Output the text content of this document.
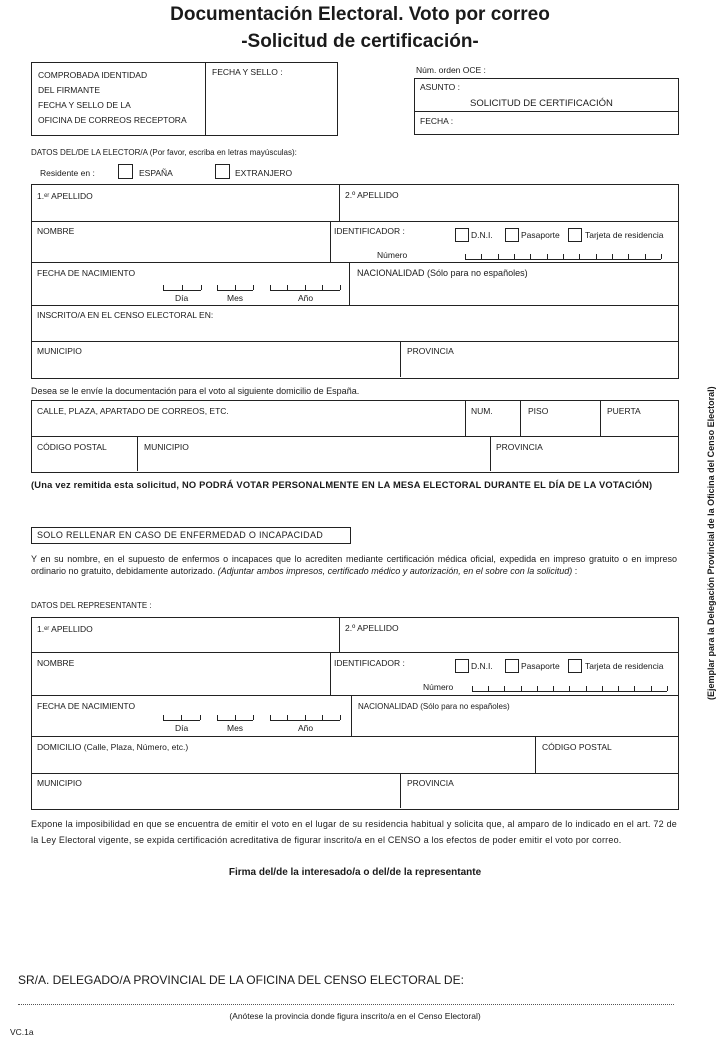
Documentación Electoral. Voto por correo
-Solicitud de certificación-
COMPROBADA IDENTIDAD
DEL FIRMANTE
FECHA Y SELLO DE LA
OFICINA DE CORREOS RECEPTORA
FECHA Y SELLO :	Núm. orden OCE :
ASUNTO :
SOLICITUD DE CERTIFICACIÓN
FECHA :
DATOS DEL/DE LA ELECTOR/A (Por favor, escriba en letras mayúsculas):
Residente en :	ESPAÑA	EXTRANJERO
1.ᵉʳ APELLIDO	2.º APELLIDO
NOMBRE	IDENTIFICADOR :	D.N.I.	Pasaporte	Tarjeta de residencia
Número
FECHA DE NACIMIENTO
Día	Mes	Año
NACIONALIDAD (Sólo para no españoles)
INSCRITO/A EN EL CENSO ELECTORAL EN:
MUNICIPIO	PROVINCIA
Desea se le envíe la documentación para el voto al siguiente domicilio de España.
CALLE, PLAZA, APARTADO DE CORREOS, ETC.	NUM.	PISO	PUERTA
CÓDIGO POSTAL	MUNICIPIO	PROVINCIA
(Una vez remitida esta solicitud, NO PODRÁ VOTAR PERSONALMENTE EN LA MESA ELECTORAL DURANTE EL DÍA DE LA VOTACIÓN)
SOLO RELLENAR EN CASO DE ENFERMEDAD O INCAPACIDAD
Y en su nombre, en el supuesto de enfermos o incapaces que lo acrediten mediante certificación médica oficial, expedida en impreso gratuito o en impreso ordinario no gratuito, debidamente autorizado. (Adjuntar ambos impresos, certificado médico y autorización, en el sobre con la solicitud) :
DATOS DEL REPRESENTANTE :
1.ᵉʳ APELLIDO	2.º APELLIDO
NOMBRE	IDENTIFICADOR :	D.N.I.	Pasaporte	Tarjeta de residencia
Número
FECHA DE NACIMIENTO
Día	Mes	Año
NACIONALIDAD (Sólo para no españoles)
DOMICILIO (Calle, Plaza, Número, etc.)	CÓDIGO POSTAL
MUNICIPIO	PROVINCIA
Expone la imposibilidad en que se encuentra de emitir el voto en el lugar de su residencia habitual y solicita que, al amparo de lo indicado en el art. 72 de la Ley Electoral vigente, se expida certificación acreditativa de figurar inscrito/a en el CENSO a los efectos de poder emitir el voto por correo.
Firma del/de la interesado/a o del/de la representante
SR/A. DELEGADO/A PROVINCIAL DE LA OFICINA DEL CENSO ELECTORAL DE:
(Anótese la provincia donde figura inscrito/a en el Censo Electoral)
VC.1a
(Ejemplar para la Delegación Provincial de la Oficina del Censo Electoral)
